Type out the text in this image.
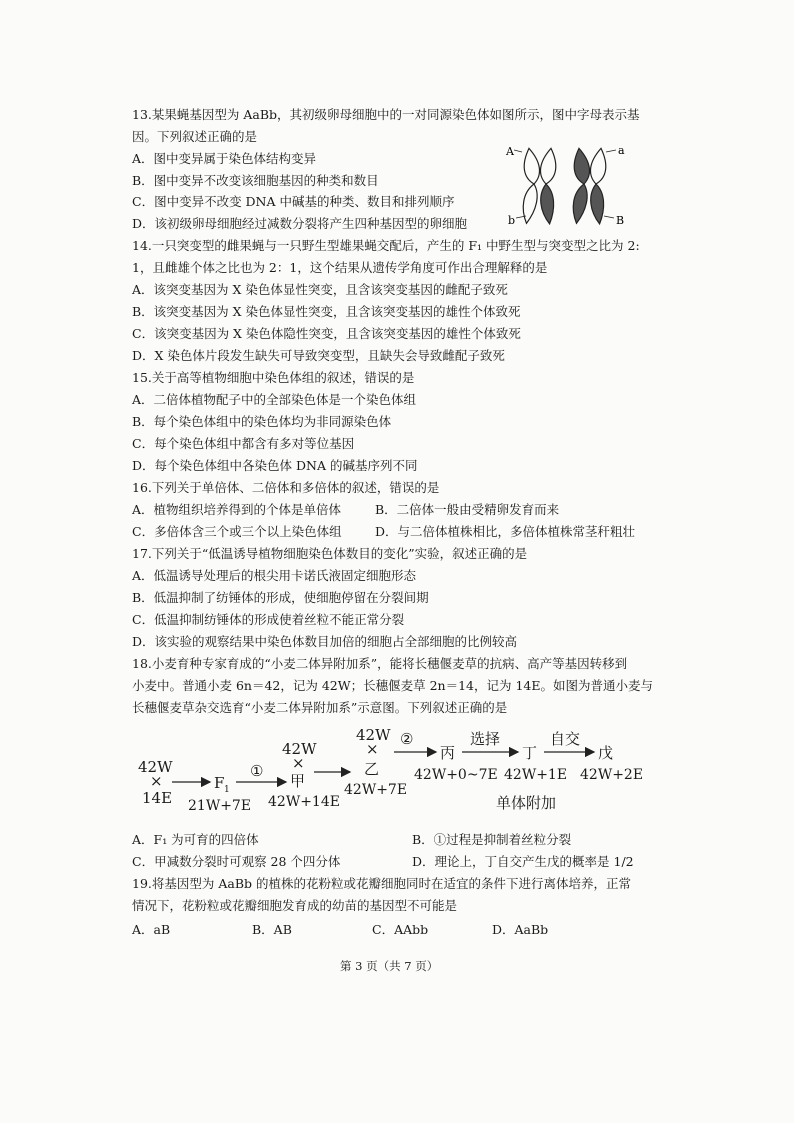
13.某果蝇基因型为 AaBb，其初级卵母细胞中的一对同源染色体如图所示，图中字母表示基
因。下列叙述正确的是
A．图中变异属于染色体结构变异
B．图中变异不改变该细胞基因的种类和数目
C．图中变异不改变 DNA 中碱基的种类、数目和排列顺序
D．该初级卵母细胞经过减数分裂将产生四种基因型的卵细胞
A
b
a
B
14.一只突变型的雌果蝇与一只野生型雄果蝇交配后，产生的 F₁ 中野生型与突变型之比为 2:
1，且雌雄个体之比也为 2：1，这个结果从遗传学角度可作出合理解释的是
A．该突变基因为 X 染色体显性突变，且含该突变基因的雌配子致死
B．该突变基因为 X 染色体显性突变，且含该突变基因的雄性个体致死
C．该突变基因为 X 染色体隐性突变，且含该突变基因的雄性个体致死
D．X 染色体片段发生缺失可导致突变型，且缺失会导致雌配子致死
15.关于高等植物细胞中染色体组的叙述，错误的是
A．二倍体植物配子中的全部染色体是一个染色体组
B．每个染色体组中的染色体均为非同源染色体
C．每个染色体组中都含有多对等位基因
D．每个染色体组中各染色体 DNA 的碱基序列不同
16.下列关于单倍体、二倍体和多倍体的叙述，错误的是
A．植物组织培养得到的个体是单倍体	B．二倍体一般由受精卵发育而来
C．多倍体含三个或三个以上染色体组	D．与二倍体植株相比，多倍体植株常茎秆粗壮
17.下列关于“低温诱导植物细胞染色体数目的变化”实验，叙述正确的是
A．低温诱导处理后的根尖用卡诺氏液固定细胞形态
B．低温抑制了纺锤体的形成，使细胞停留在分裂间期
C．低温抑制纺锤体的形成使着丝粒不能正常分裂
D．该实验的观察结果中染色体数目加倍的细胞占全部细胞的比例较高
18.小麦育种专家育成的“小麦二体异附加系”，能将长穗偃麦草的抗病、高产等基因转移到
小麦中。普通小麦 6n＝42，记为 42W；长穗偃麦草 2n＝14，记为 14E。如图为普通小麦与
长穗偃麦草杂交选育“小麦二体异附加系”示意图。下列叙述正确的是
42W
×
14E
F 1
21W+7E
①
42W
×
甲
42W+14E
42W
×
乙
42W+7E
②
丙
42W+0~7E
选择
丁
42W+1E
自交
戊
42W+2E
单体附加
A．F₁ 为可育的四倍体	B．①过程是抑制着丝粒分裂
C．甲减数分裂时可观察 28 个四分体	D．理论上，丁自交产生戊的概率是 1/2
19.将基因型为 AaBb 的植株的花粉粒或花瓣细胞同时在适宜的条件下进行离体培养，正常
情况下，花粉粒或花瓣细胞发育成的幼苗的基因型不可能是
A．aB	B．AB	C．AAbb	D．AaBb
第 3 页（共 7 页）
